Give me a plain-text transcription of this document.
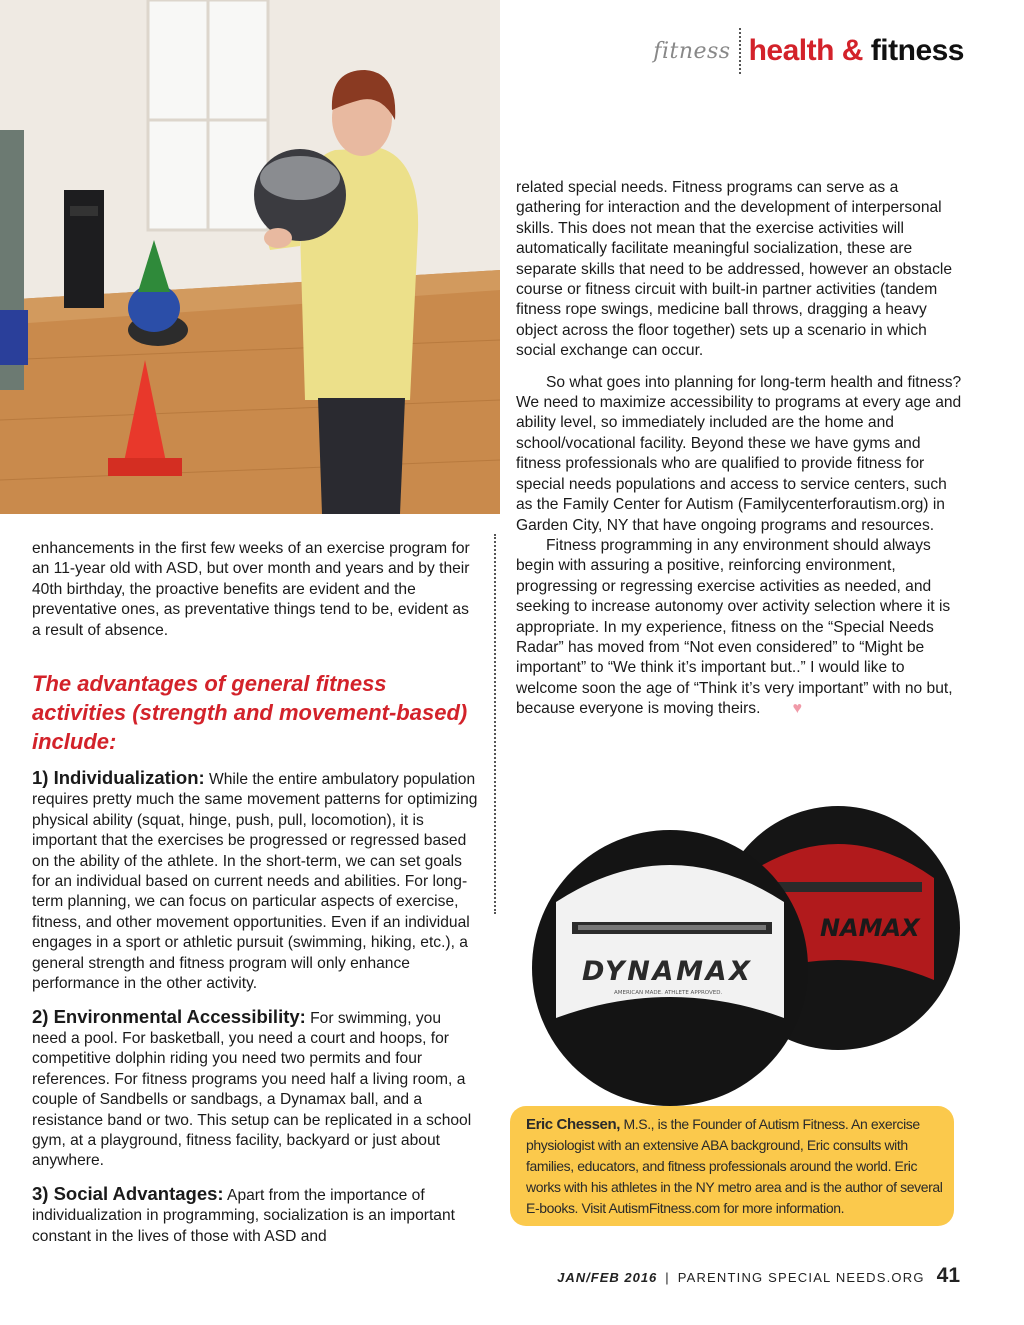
fitness health & fitness

enhancements in the first few weeks of an exercise program for an 11-year old with ASD, but over month and years and by their 40th birthday, the proactive benefits are evident and the preventative ones, as preventative things tend to be, evident as a result of absence.

The advantages of general fitness activities (strength and movement-based) include:

1) Individualization: While the entire ambulatory population requires pretty much the same movement patterns for optimizing physical ability (squat, hinge, push, pull, locomotion), it is important that the exercises be progressed or regressed based on the ability of the athlete. In the short-term, we can set goals for an individual based on current needs and abilities. For long-term planning, we can focus on particular aspects of exercise, fitness, and other movement opportunities. Even if an individual engages in a sport or athletic pursuit (swimming, hiking, etc.), a general strength and fitness program will only enhance performance in the other activity.

2) Environmental Accessibility: For swimming, you need a pool. For basketball, you need a court and hoops, for competitive dolphin riding you need two permits and four references. For fitness programs you need half a living room, a couple of Sandbells or sandbags, a Dynamax ball, and a resistance band or two. This setup can be replicated in a school gym, at a playground, fitness facility, backyard or just about anywhere.

3) Social Advantages: Apart from the importance of individualization in programming, socialization is an important constant in the lives of those with ASD and

related special needs. Fitness programs can serve as a gathering for interaction and the development of interpersonal skills. This does not mean that the exercise activities will automatically facilitate meaningful socialization, these are separate skills that need to be addressed, however an obstacle course or fitness circuit with built-in partner activities (tandem fitness rope swings, medicine ball throws, dragging a heavy object across the floor together) sets up a scenario in which social exchange can occur.

So what goes into planning for long-term health and fitness? We need to maximize accessibility to programs at every age and ability level, so immediately included are the home and school/vocational facility. Beyond these we have gyms and fitness professionals who are qualified to provide fitness for special needs populations and access to service centers, such as the Family Center for Autism (Familycenterforautism.org) in Garden City, NY that have ongoing programs and resources.

Fitness programming in any environment should always begin with assuring a positive, reinforcing environment, progressing or regressing exercise activities as needed, and seeking to increase autonomy over activity selection where it is appropriate. In my experience, fitness on the “Special Needs Radar” has moved from “Not even considered” to “Might be important” to “We think it’s important but..” I would like to welcome soon the age of “Think it’s very important” with no but, because everyone is moving theirs. ♥

NAMAX
DYNAMAX
AMERICAN MADE. ATHLETE APPROVED.
Eric Chessen, M.S., is the Founder of Autism Fitness. An exercise physiologist with an extensive ABA background, Eric consults with families, educators, and fitness professionals around the world. Eric works with his athletes in the NY metro area and is the author of several E-books. Visit AutismFitness.com for more information.
JAN/FEB 2016 | PARENTING SPECIAL NEEDS.ORG 41
